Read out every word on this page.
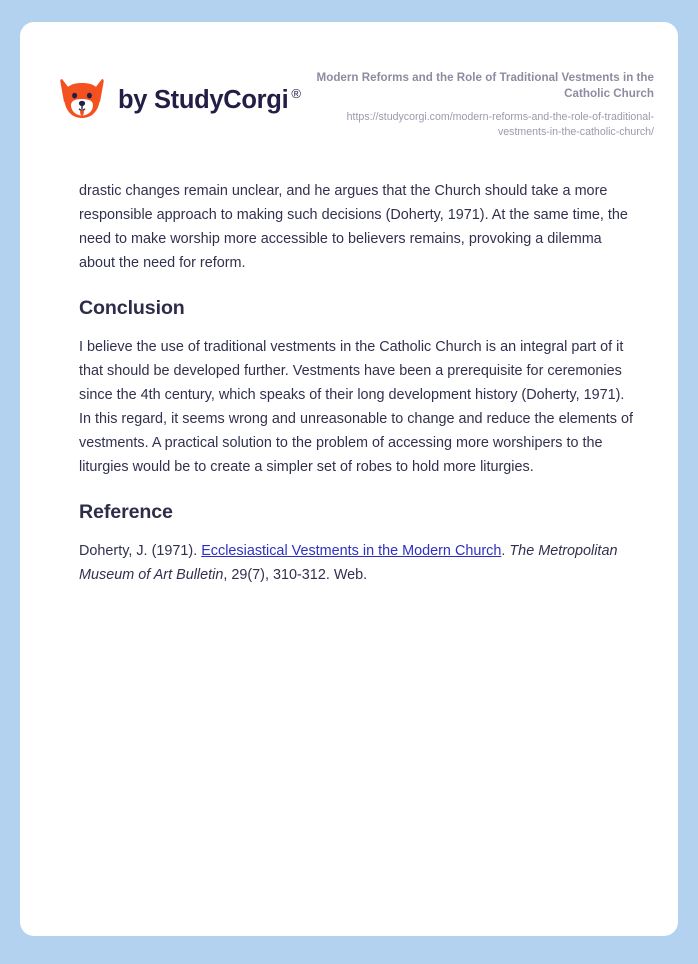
by StudyCorgi ®
Modern Reforms and the Role of Traditional Vestments in the Catholic Church
https://studycorgi.com/modern-reforms-and-the-role-of-traditional-vestments-in-the-catholic-church/

drastic changes remain unclear, and he argues that the Church should take a more responsible approach to making such decisions (Doherty, 1971). At the same time, the need to make worship more accessible to believers remains, provoking a dilemma about the need for reform.

Conclusion

I believe the use of traditional vestments in the Catholic Church is an integral part of it that should be developed further. Vestments have been a prerequisite for ceremonies since the 4th century, which speaks of their long development history (Doherty, 1971). In this regard, it seems wrong and unreasonable to change and reduce the elements of vestments. A practical solution to the problem of accessing more worshipers to the liturgies would be to create a simpler set of robes to hold more liturgies.

Reference

Doherty, J. (1971). Ecclesiastical Vestments in the Modern Church. The Metropolitan Museum of Art Bulletin, 29(7), 310-312. Web.
